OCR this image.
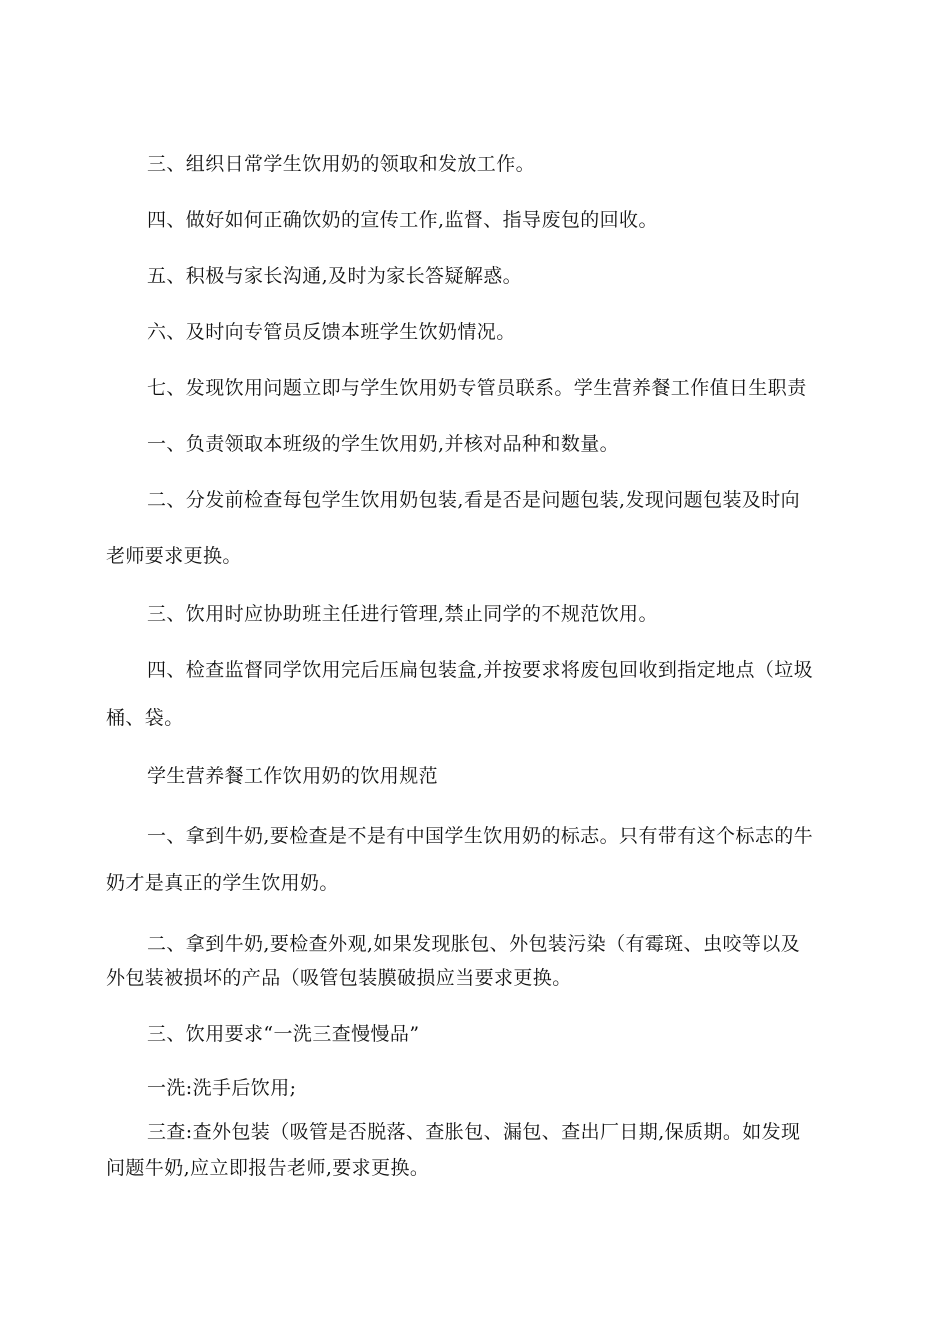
三、组织日常学生饮用奶的领取和发放工作。
四、做好如何正确饮奶的宣传工作,监督、指导废包的回收。
五、积极与家长沟通,及时为家长答疑解惑。
六、及时向专管员反馈本班学生饮奶情况。
七、发现饮用问题立即与学生饮用奶专管员联系。学生营养餐工作值日生职责
一、负责领取本班级的学生饮用奶,并核对品种和数量。
二、分发前检查每包学生饮用奶包装,看是否是问题包装,发现问题包装及时向
老师要求更换。
三、饮用时应协助班主任进行管理,禁止同学的不规范饮用。
四、检查监督同学饮用完后压扁包装盒,并按要求将废包回收到指定地点（垃圾
桶、袋。
学生营养餐工作饮用奶的饮用规范
一、拿到牛奶,要检查是不是有中国学生饮用奶的标志。只有带有这个标志的牛
奶才是真正的学生饮用奶。
二、拿到牛奶,要检查外观,如果发现胀包、外包装污染（有霉斑、虫咬等以及
外包装被损坏的产品（吸管包装膜破损应当要求更换。
三、饮用要求“一洗三查慢慢品”
一洗:洗手后饮用;
三查:查外包装（吸管是否脱落、查胀包、漏包、查出厂日期,保质期。如发现
问题牛奶,应立即报告老师,要求更换。
